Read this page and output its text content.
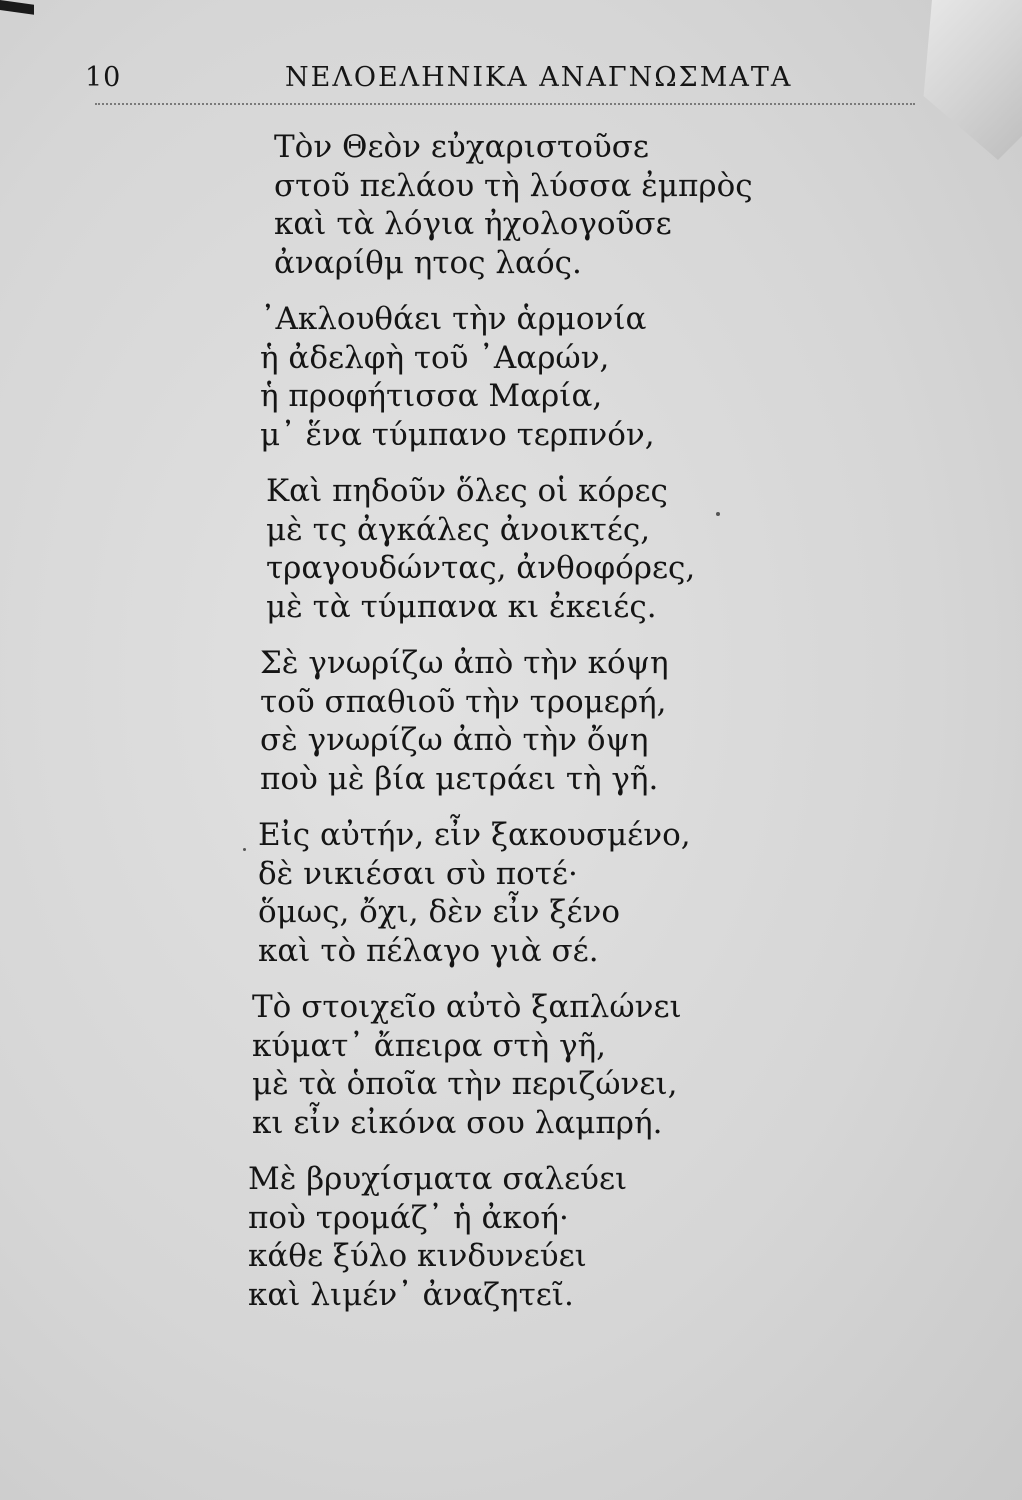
10	ΝΕΛΟΕΛΗΝΙΚΑ ΑΝΑΓΝΩΣΜΑΤΑ
Τὸν Θεὸν εὐχαριστοῦσε
στοῦ πελάου τὴ λύσσα ἐμπρὸς
καὶ τὰ λόγια ἠχολογοῦσε
ἀναρίθμ ητος λαός.
᾽Ακλουθάει τὴν ἁρμονία
ἡ ἀδελφὴ τοῦ ᾽Ααρών,
ἡ προφήτισσα Μαρία,
μ᾽ ἕνα τύμπανο τερπνόν,
Καὶ πηδοῦν ὅλες οἱ κόρες
μὲ τς ἀγκάλες ἀνοικτές,
τραγουδώντας, ἀνθοφόρες,
μὲ τὰ τύμπανα κι ἐκειές.
Σὲ γνωρίζω ἀπὸ τὴν κόψη
τοῦ σπαθιοῦ τὴν τρομερή,
σὲ γνωρίζω ἀπὸ τὴν ὄψη
ποὺ μὲ βία μετράει τὴ γῆ.
Εἰς αὐτήν, εἶν ξακουσμένο,
δὲ νικιέσαι σὺ ποτέ·
ὅμως, ὄχι, δὲν εἶν ξένο
καὶ τὸ πέλαγο γιὰ σέ.
Τὸ στοιχεῖο αὐτὸ ξαπλώνει
κύματ᾽ ἄπειρα στὴ γῆ,
μὲ τὰ ὁποῖα τὴν περιζώνει,
κι εἶν εἰκόνα σου λαμπρή.
Μὲ βρυχίσματα σαλεύει
ποὺ τρομάζ᾽ ἡ ἀκοή·
κάθε ξύλο κινδυνεύει
καὶ λιμέν᾽ ἀναζητεῖ.
